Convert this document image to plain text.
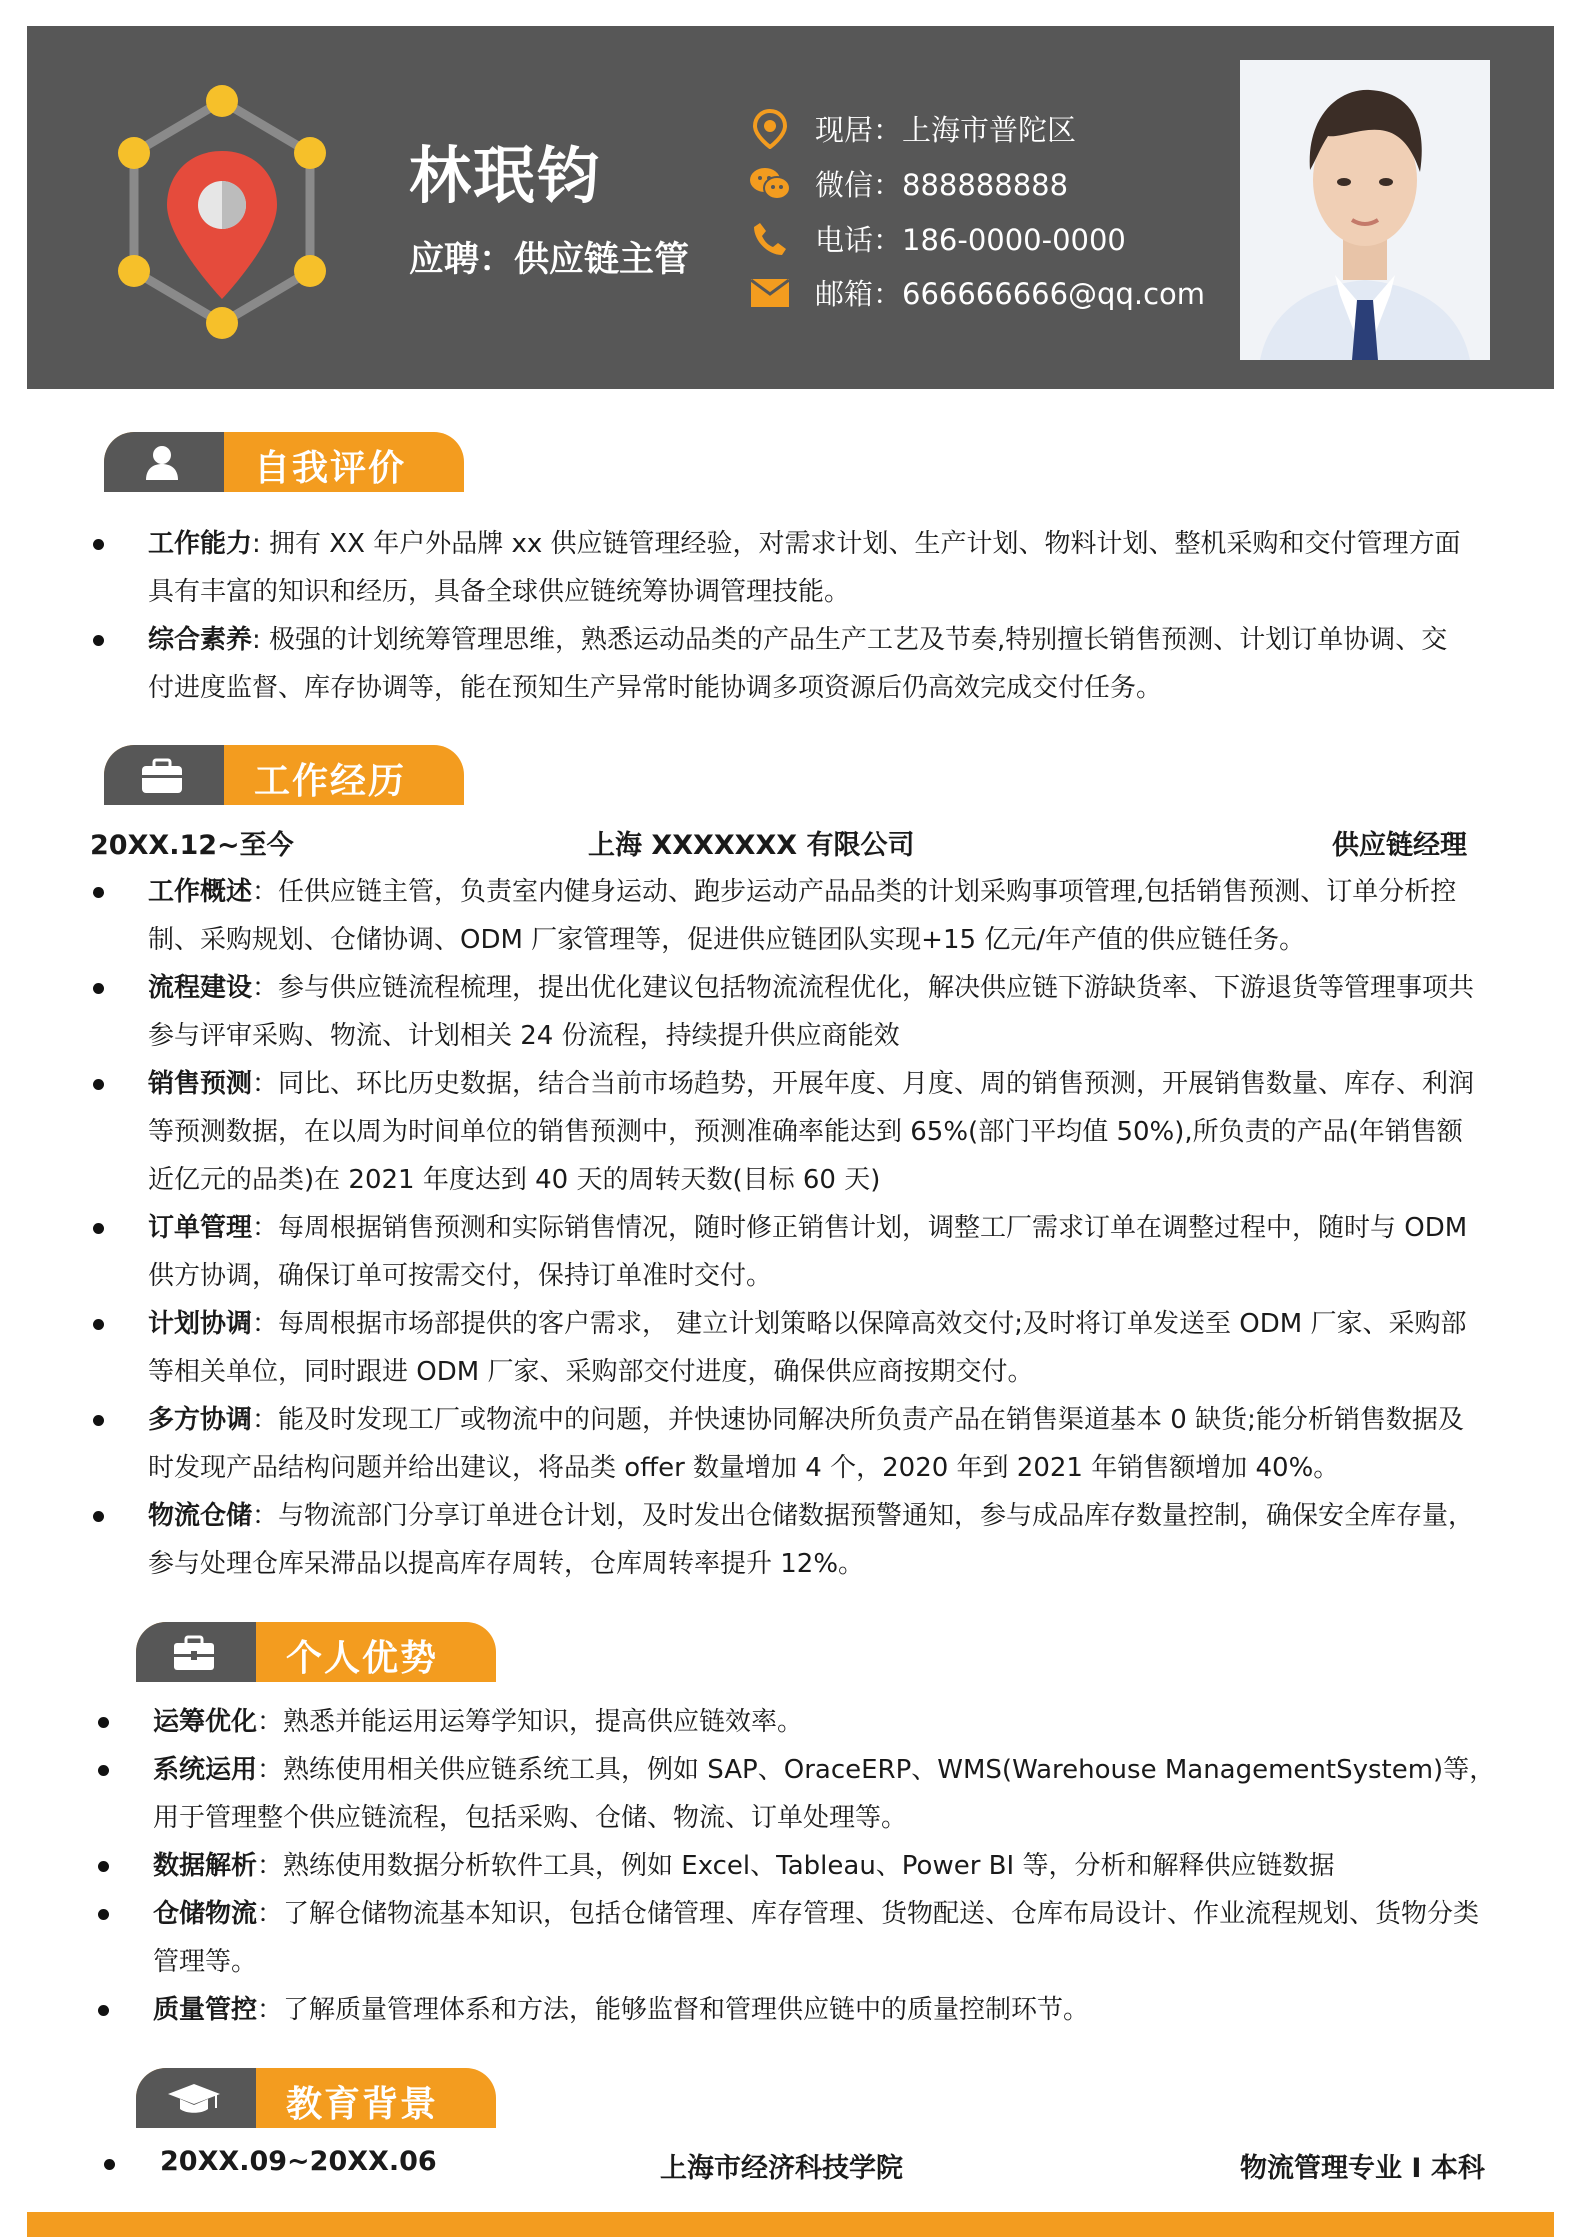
林珉钧
应聘：供应链主管
现居：上海市普陀区
微信：888888888
电话：186-0000-0000
邮箱：666666666@qq.com
自我评价
工作能力: 拥有 XX 年户外品牌 xx 供应链管理经验，对需求计划、生产计划、物料计划、整机采购和交付管理方面具有丰富的知识和经历，具备全球供应链统筹协调管理技能。
综合素养: 极强的计划统筹管理思维，熟悉运动品类的产品生产工艺及节奏,特别擅长销售预测、计划订单协调、交付进度监督、库存协调等，能在预知生产异常时能协调多项资源后仍高效完成交付任务。
工作经历
20XX.12~至今	上海 XXXXXXX 有限公司	供应链经理
工作概述：任供应链主管，负责室内健身运动、跑步运动产品品类的计划采购事项管理,包括销售预测、订单分析控制、采购规划、仓储协调、ODM 厂家管理等，促进供应链团队实现+15 亿元/年产值的供应链任务。
流程建设：参与供应链流程梳理，提出优化建议包括物流流程优化，解决供应链下游缺货率、下游退货等管理事项共参与评审采购、物流、计划相关 24 份流程，持续提升供应商能效
销售预测：同比、环比历史数据，结合当前市场趋势，开展年度、月度、周的销售预测，开展销售数量、库存、利润等预测数据，在以周为时间单位的销售预测中，预测准确率能达到 65%(部门平均值 50%),所负责的产品(年销售额近亿元的品类)在 2021 年度达到 40 天的周转天数(目标 60 天)
订单管理：每周根据销售预测和实际销售情况，随时修正销售计划，调整工厂需求订单在调整过程中，随时与 ODM 供方协调，确保订单可按需交付，保持订单准时交付。
计划协调：每周根据市场部提供的客户需求， 建立计划策略以保障高效交付;及时将订单发送至 ODM 厂家、采购部等相关单位，同时跟进 ODM 厂家、采购部交付进度，确保供应商按期交付。
多方协调：能及时发现工厂或物流中的问题，并快速协同解决所负责产品在销售渠道基本 0 缺货;能分析销售数据及时发现产品结构问题并给出建议，将品类 offer 数量增加 4 个，2020 年到 2021 年销售额增加 40%。
物流仓储：与物流部门分享订单进仓计划，及时发出仓储数据预警通知，参与成品库存数量控制，确保安全库存量，参与处理仓库呆滞品以提高库存周转，仓库周转率提升 12%。
个人优势
运筹优化：熟悉并能运用运筹学知识，提高供应链效率。
系统运用：熟练使用相关供应链系统工具，例如 SAP、OraceERP、WMS(Warehouse ManagementSystem)等，用于管理整个供应链流程，包括采购、仓储、物流、订单处理等。
数据解析：熟练使用数据分析软件工具，例如 Excel、Tableau、Power BI 等，分析和解释供应链数据
仓储物流：了解仓储物流基本知识，包括仓储管理、库存管理、货物配送、仓库布局设计、作业流程规划、货物分类管理等。
质量管控：了解质量管理体系和方法，能够监督和管理供应链中的质量控制环节。
教育背景
20XX.09~20XX.06	上海市经济科技学院	物流管理专业 I 本科
